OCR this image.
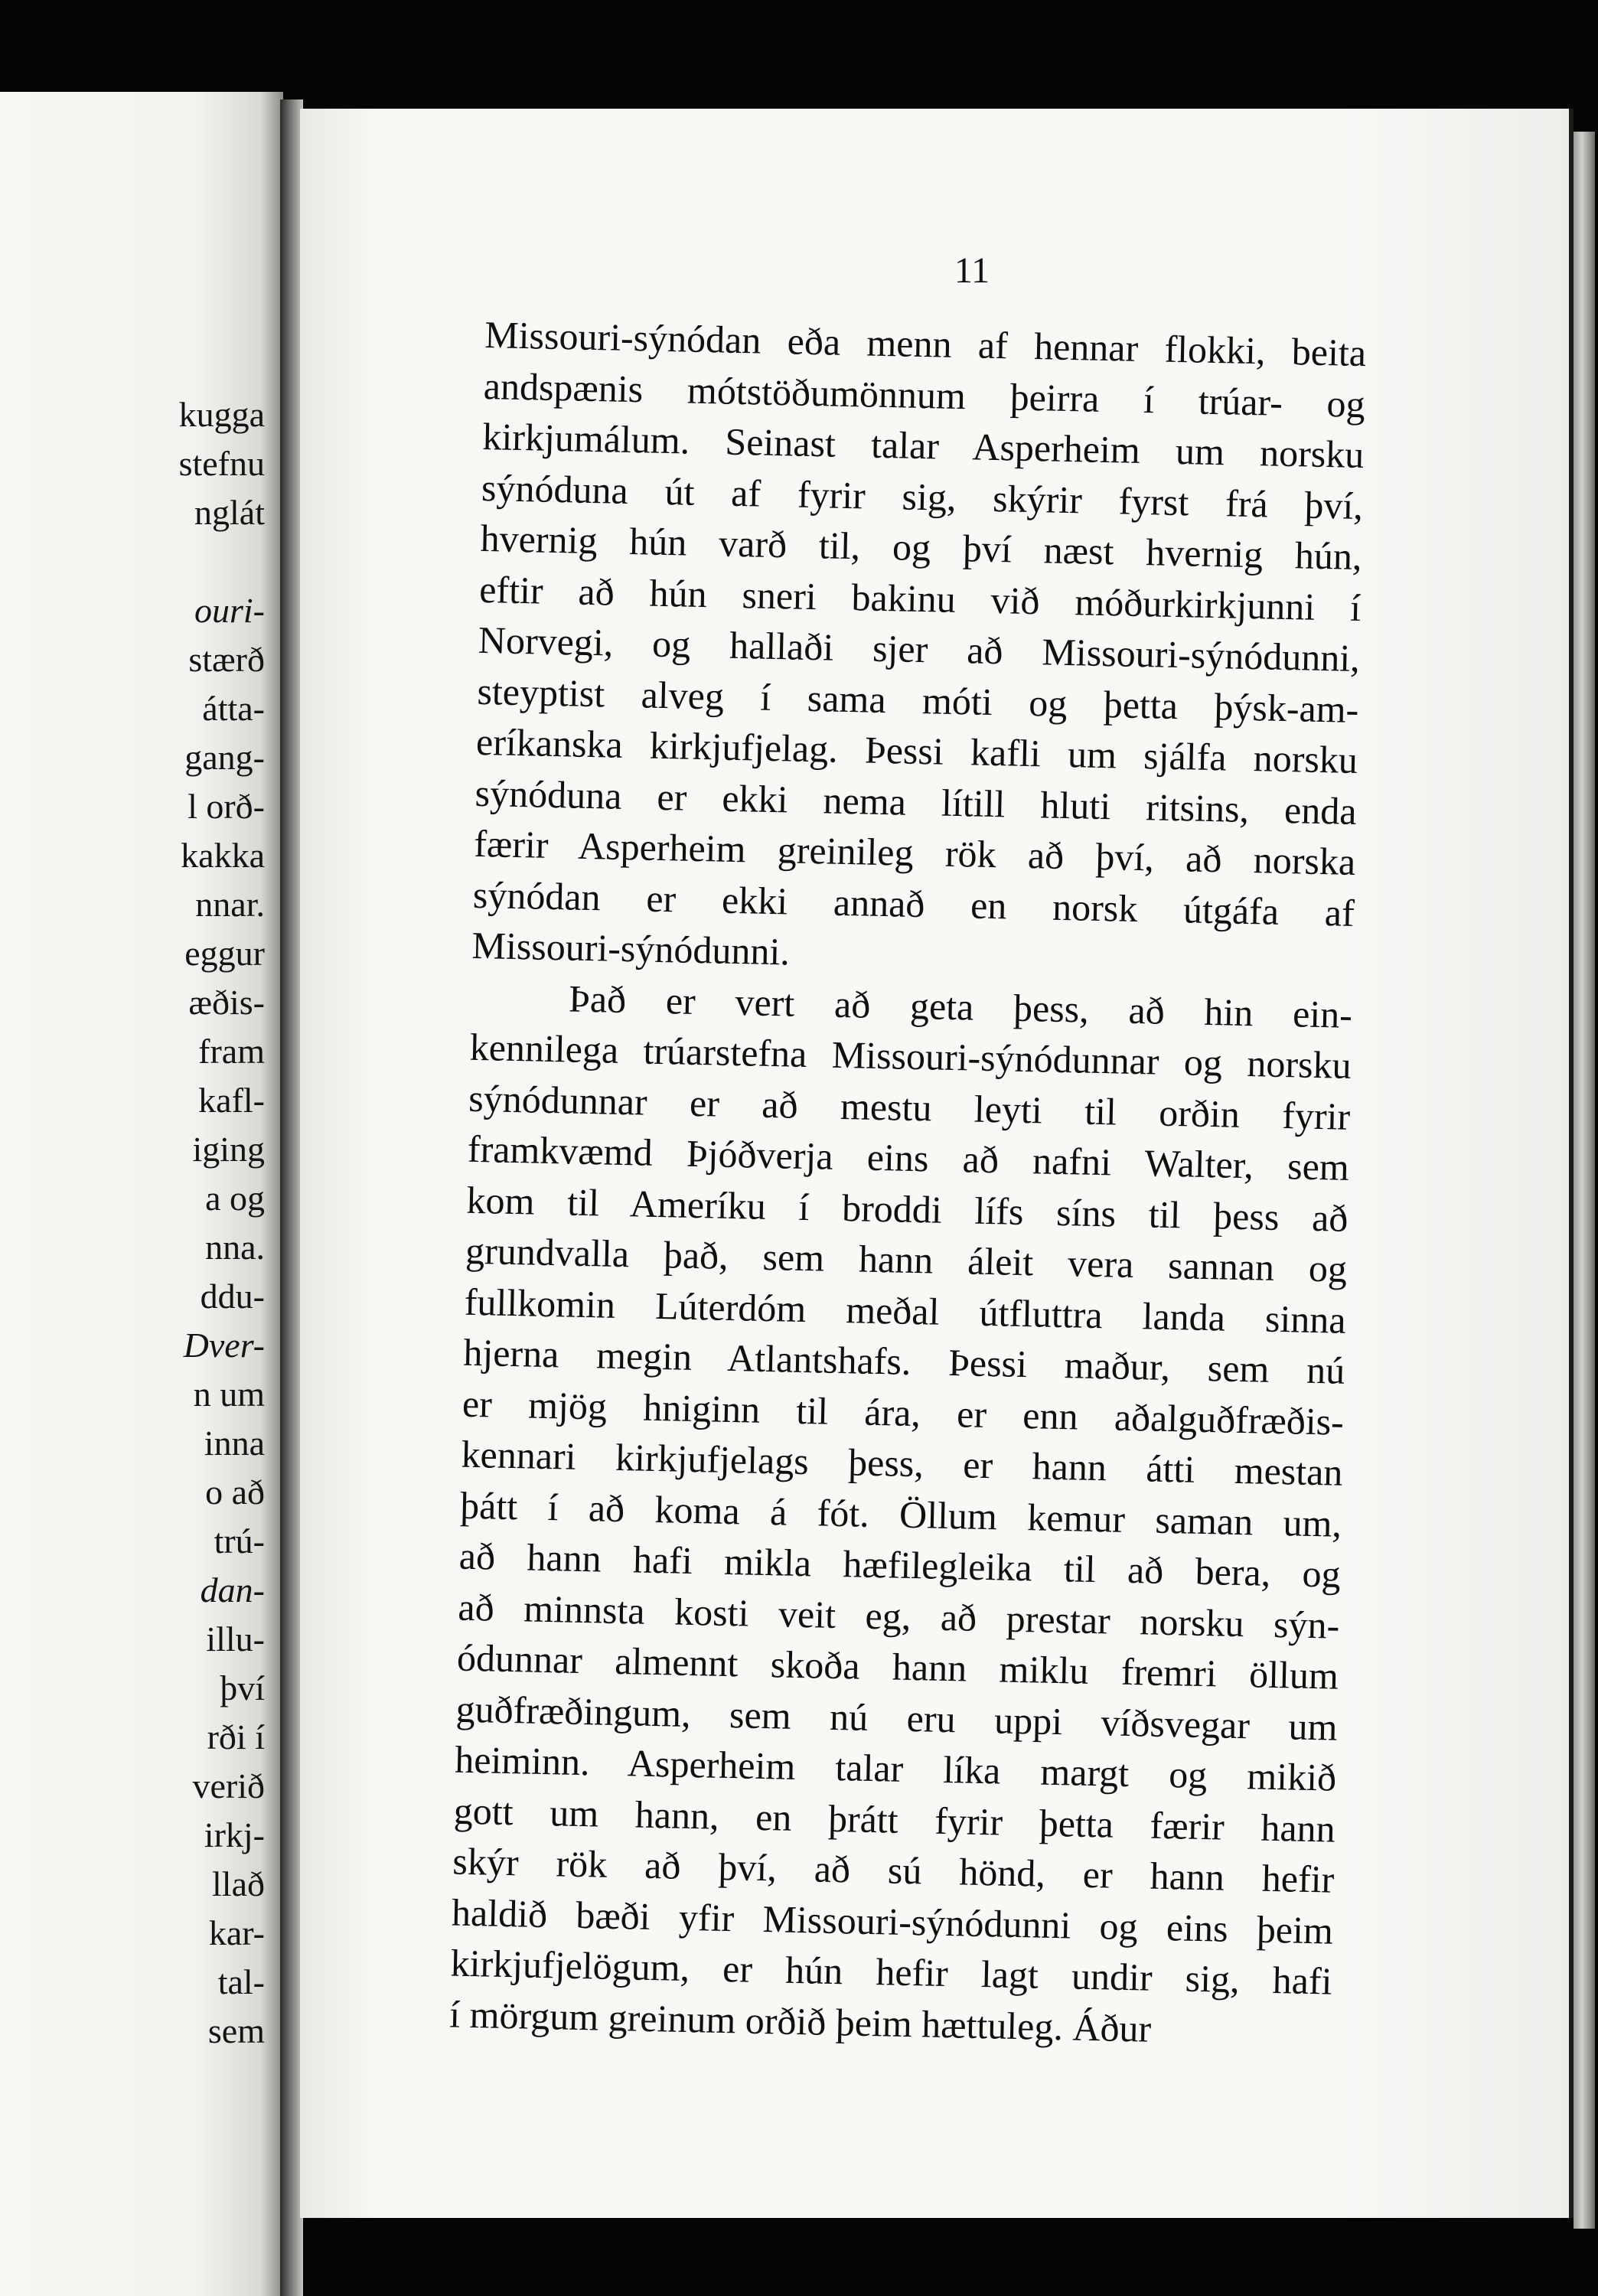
kugga
stefnu
nglát

ouri-
stærð
átta-
gang-
l orð-
kakka
nnar.
eggur
æðis-
fram
kafl-
iging
a og
nna.
ddu-
Dver-
n um
inna
o að
trú-
dan-
illu-
því
rði í
verið
irkj-
llað
kar-
tal-
sem
11
Missouri-sýnódan eða menn af hennar flokki, beita
andspænis mótstöðumönnum þeirra í trúar- og
kirkjumálum. Seinast talar Asperheim um norsku
sýnóduna út af fyrir sig, skýrir fyrst frá því,
hvernig hún varð til, og því næst hvernig hún,
eftir að hún sneri bakinu við móðurkirkjunni í
Norvegi, og hallaði sjer að Missouri-sýnódunni,
steyptist alveg í sama móti og þetta þýsk-am-
eríkanska kirkjufjelag. Þessi kafli um sjálfa norsku
sýnóduna er ekki nema lítill hluti ritsins, enda
færir Asperheim greinileg rök að því, að norska
sýnódan er ekki annað en norsk útgáfa af
Missouri-sýnódunni.
Það er vert að geta þess, að hin ein-
kennilega trúarstefna Missouri-sýnódunnar og norsku
sýnódunnar er að mestu leyti til orðin fyrir
framkvæmd Þjóðverja eins að nafni Walter, sem
kom til Ameríku í broddi lífs síns til þess að
grundvalla það, sem hann áleit vera sannan og
fullkomin Lúterdóm meðal útfluttra landa sinna
hjerna megin Atlantshafs. Þessi maður, sem nú
er mjög hniginn til ára, er enn aðalguðfræðis-
kennari kirkjufjelags þess, er hann átti mestan
þátt í að koma á fót. Öllum kemur saman um,
að hann hafi mikla hæfilegleika til að bera, og
að minnsta kosti veit eg, að prestar norsku sýn-
ódunnar almennt skoða hann miklu fremri öllum
guðfræðingum, sem nú eru uppi víðsvegar um
heiminn. Asperheim talar líka margt og mikið
gott um hann, en þrátt fyrir þetta færir hann
skýr rök að því, að sú hönd, er hann hefir
haldið bæði yfir Missouri-sýnódunni og eins þeim
kirkjufjelögum, er hún hefir lagt undir sig, hafi
í mörgum greinum orðið þeim hættuleg. Áður
